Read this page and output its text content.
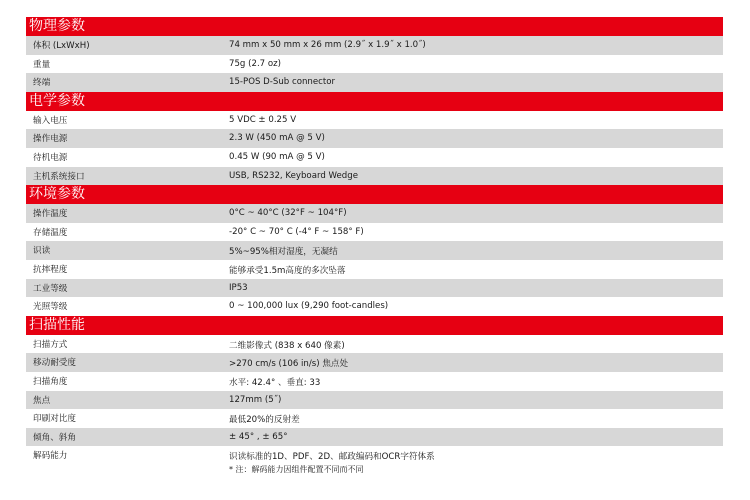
物理参数
体积 (LxWxH)	74 mm x 50 mm x 26 mm (2.9˝ x 1.9˝ x 1.0˝)
重量	75g (2.7 oz)
终端	15-POS D-Sub connector
电学参数
输入电压	5 VDC ± 0.25 V
操作电源	2.3 W (450 mA @ 5 V)
待机电源	0.45 W (90 mA @ 5 V)
主机系统接口	USB, RS232, Keyboard Wedge
环境参数
操作温度	0°C ~ 40°C (32°F ~ 104°F)
存储温度	-20° C ~ 70° C (-4° F ~ 158° F)
识读	5%~95%相对湿度，无凝结
抗摔程度	能够承受1.5m高度的多次坠落
工业等级	IP53
光照等级	0 ~ 100,000 lux (9,290 foot-candles)
扫描性能
扫描方式	二维影像式 (838 x 640 像素)
移动耐受度	>270 cm/s (106 in/s) 焦点处
扫描角度	水平: 42.4° 、垂直: 33
焦点	127mm (5˝)
印刷对比度	最低20%的反射差
倾角、斜角	± 45° , ± 65°
解码能力	识读标准的1D、PDF、2D、邮政编码和OCR字符体系
* 注：解码能力因组件配置不同而不同
